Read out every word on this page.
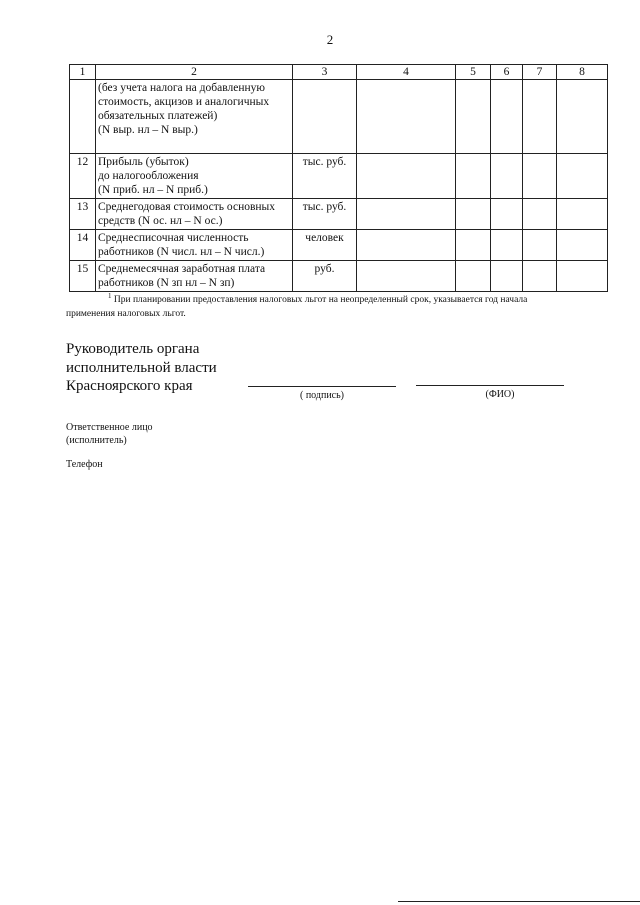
2
1	2	3	4	5	6	7	8

	(без учета налога на добавленную
стоимость, акцизов и аналогичных
обязательных платежей)
(N выр. нл – N выр.)						

12	Прибыль (убыток)
до налогообложения
(N приб. нл – N приб.)	тыс. руб.					
13	Среднегодовая стоимость основных
средств (N ос. нл – N ос.)	тыс. руб.					
14	Среднесписочная численность
работников (N числ. нл – N числ.)	человек					
15	Среднемесячная заработная плата
работников (N зп нл – N зп)	руб.					
$^1$ При планировании предоставления налоговых льгот на неопределенный срок, указывается год начала
применения налоговых льгот.
Руководитель органа
исполнительной власти
Красноярского края
( подпись)	(ФИО)
Ответственное лицо
(исполнитель)
Телефон
